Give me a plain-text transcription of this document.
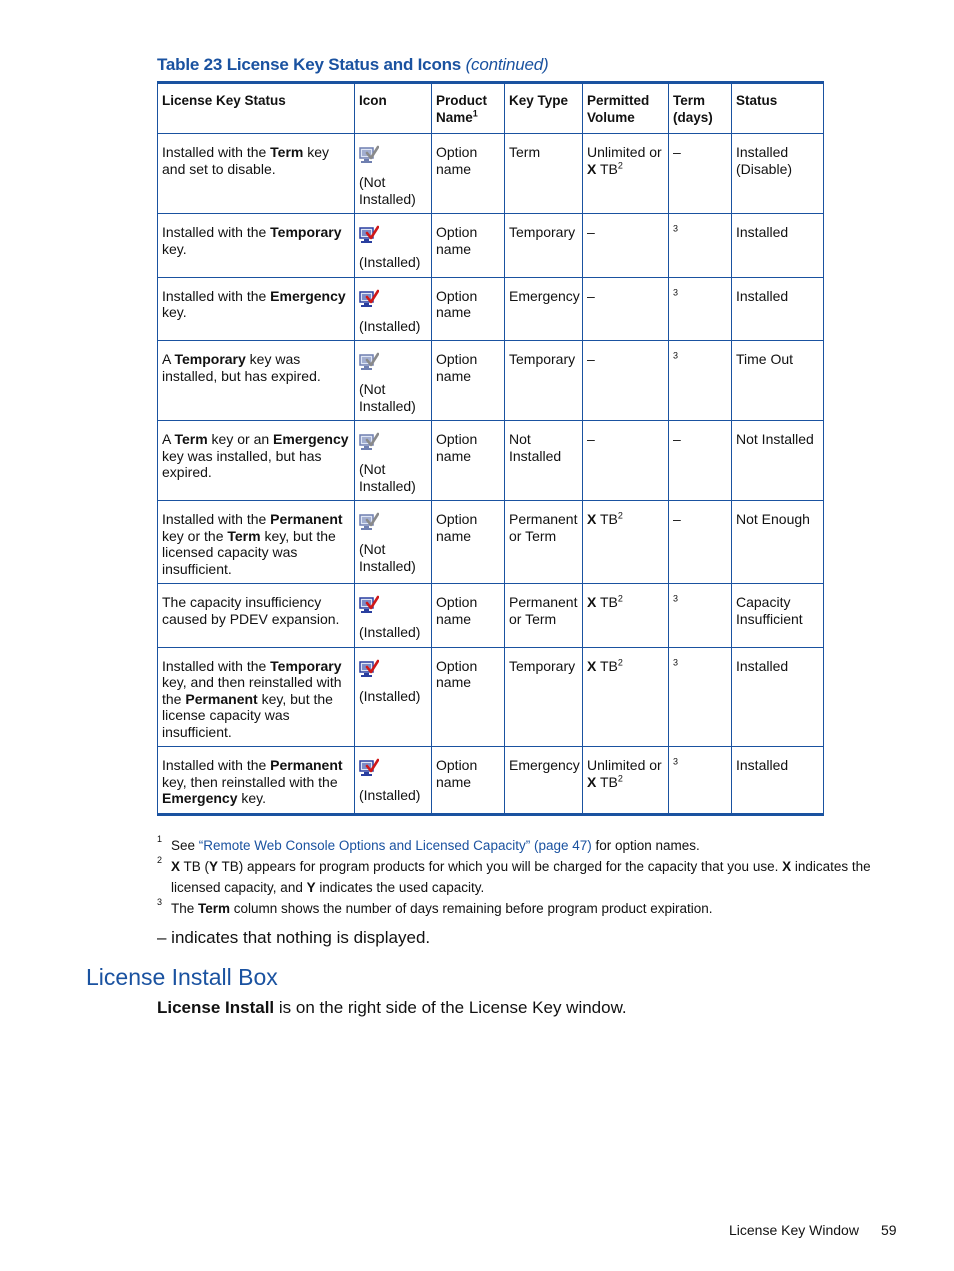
Table 23 License Key Status and Icons (continued)
License Key Status	Icon	Product Name$^1$	Key Type	Permitted Volume	Term (days)	Status
Installed with the Term key and set to disable.	(Not Installed)	Option name	Term	Unlimited or X $TB^2$	–	Installed (Disable)
Installed with the Temporary key.	(Installed)	Option name	Temporary	–	$^3$	Installed
Installed with the Emergency key.	(Installed)	Option name	Emergency	–	$^3$	Installed
A Temporary key was installed, but has expired.	(Not Installed)	Option name	Temporary	–	$^3$	Time Out
A Term key or an Emergency key was installed, but has expired.	(Not Installed)	Option name	Not Installed	–	–	Not Installed
Installed with the Permanent key or the Term key, but the licensed capacity was insufficient.	(Not Installed)	Option name	Permanent or Term	X $TB^2$	–	Not Enough
The capacity insufficiency caused by PDEV expansion.	(Installed)	Option name	Permanent or Term	X $TB^2$	$^3$	Capacity Insufficient
Installed with the Temporary key, and then reinstalled with the Permanent key, but the license capacity was insufficient.	(Installed)	Option name	Temporary	X $TB^2$	$^3$	Installed
Installed with the Permanent key, then reinstalled with the Emergency key.	(Installed)	Option name	Emergency	Unlimited or X $TB^2$	$^3$	Installed
1 See “Remote Web Console Options and Licensed Capacity” (page 47) for option names.
2 X TB (Y TB) appears for program products for which you will be charged for the capacity that you use. X indicates the licensed capacity, and Y indicates the used capacity.
3 The Term column shows the number of days remaining before program product expiration.
– indicates that nothing is displayed.
License Install Box
License Install is on the right side of the License Key window.
License Key Window 59
